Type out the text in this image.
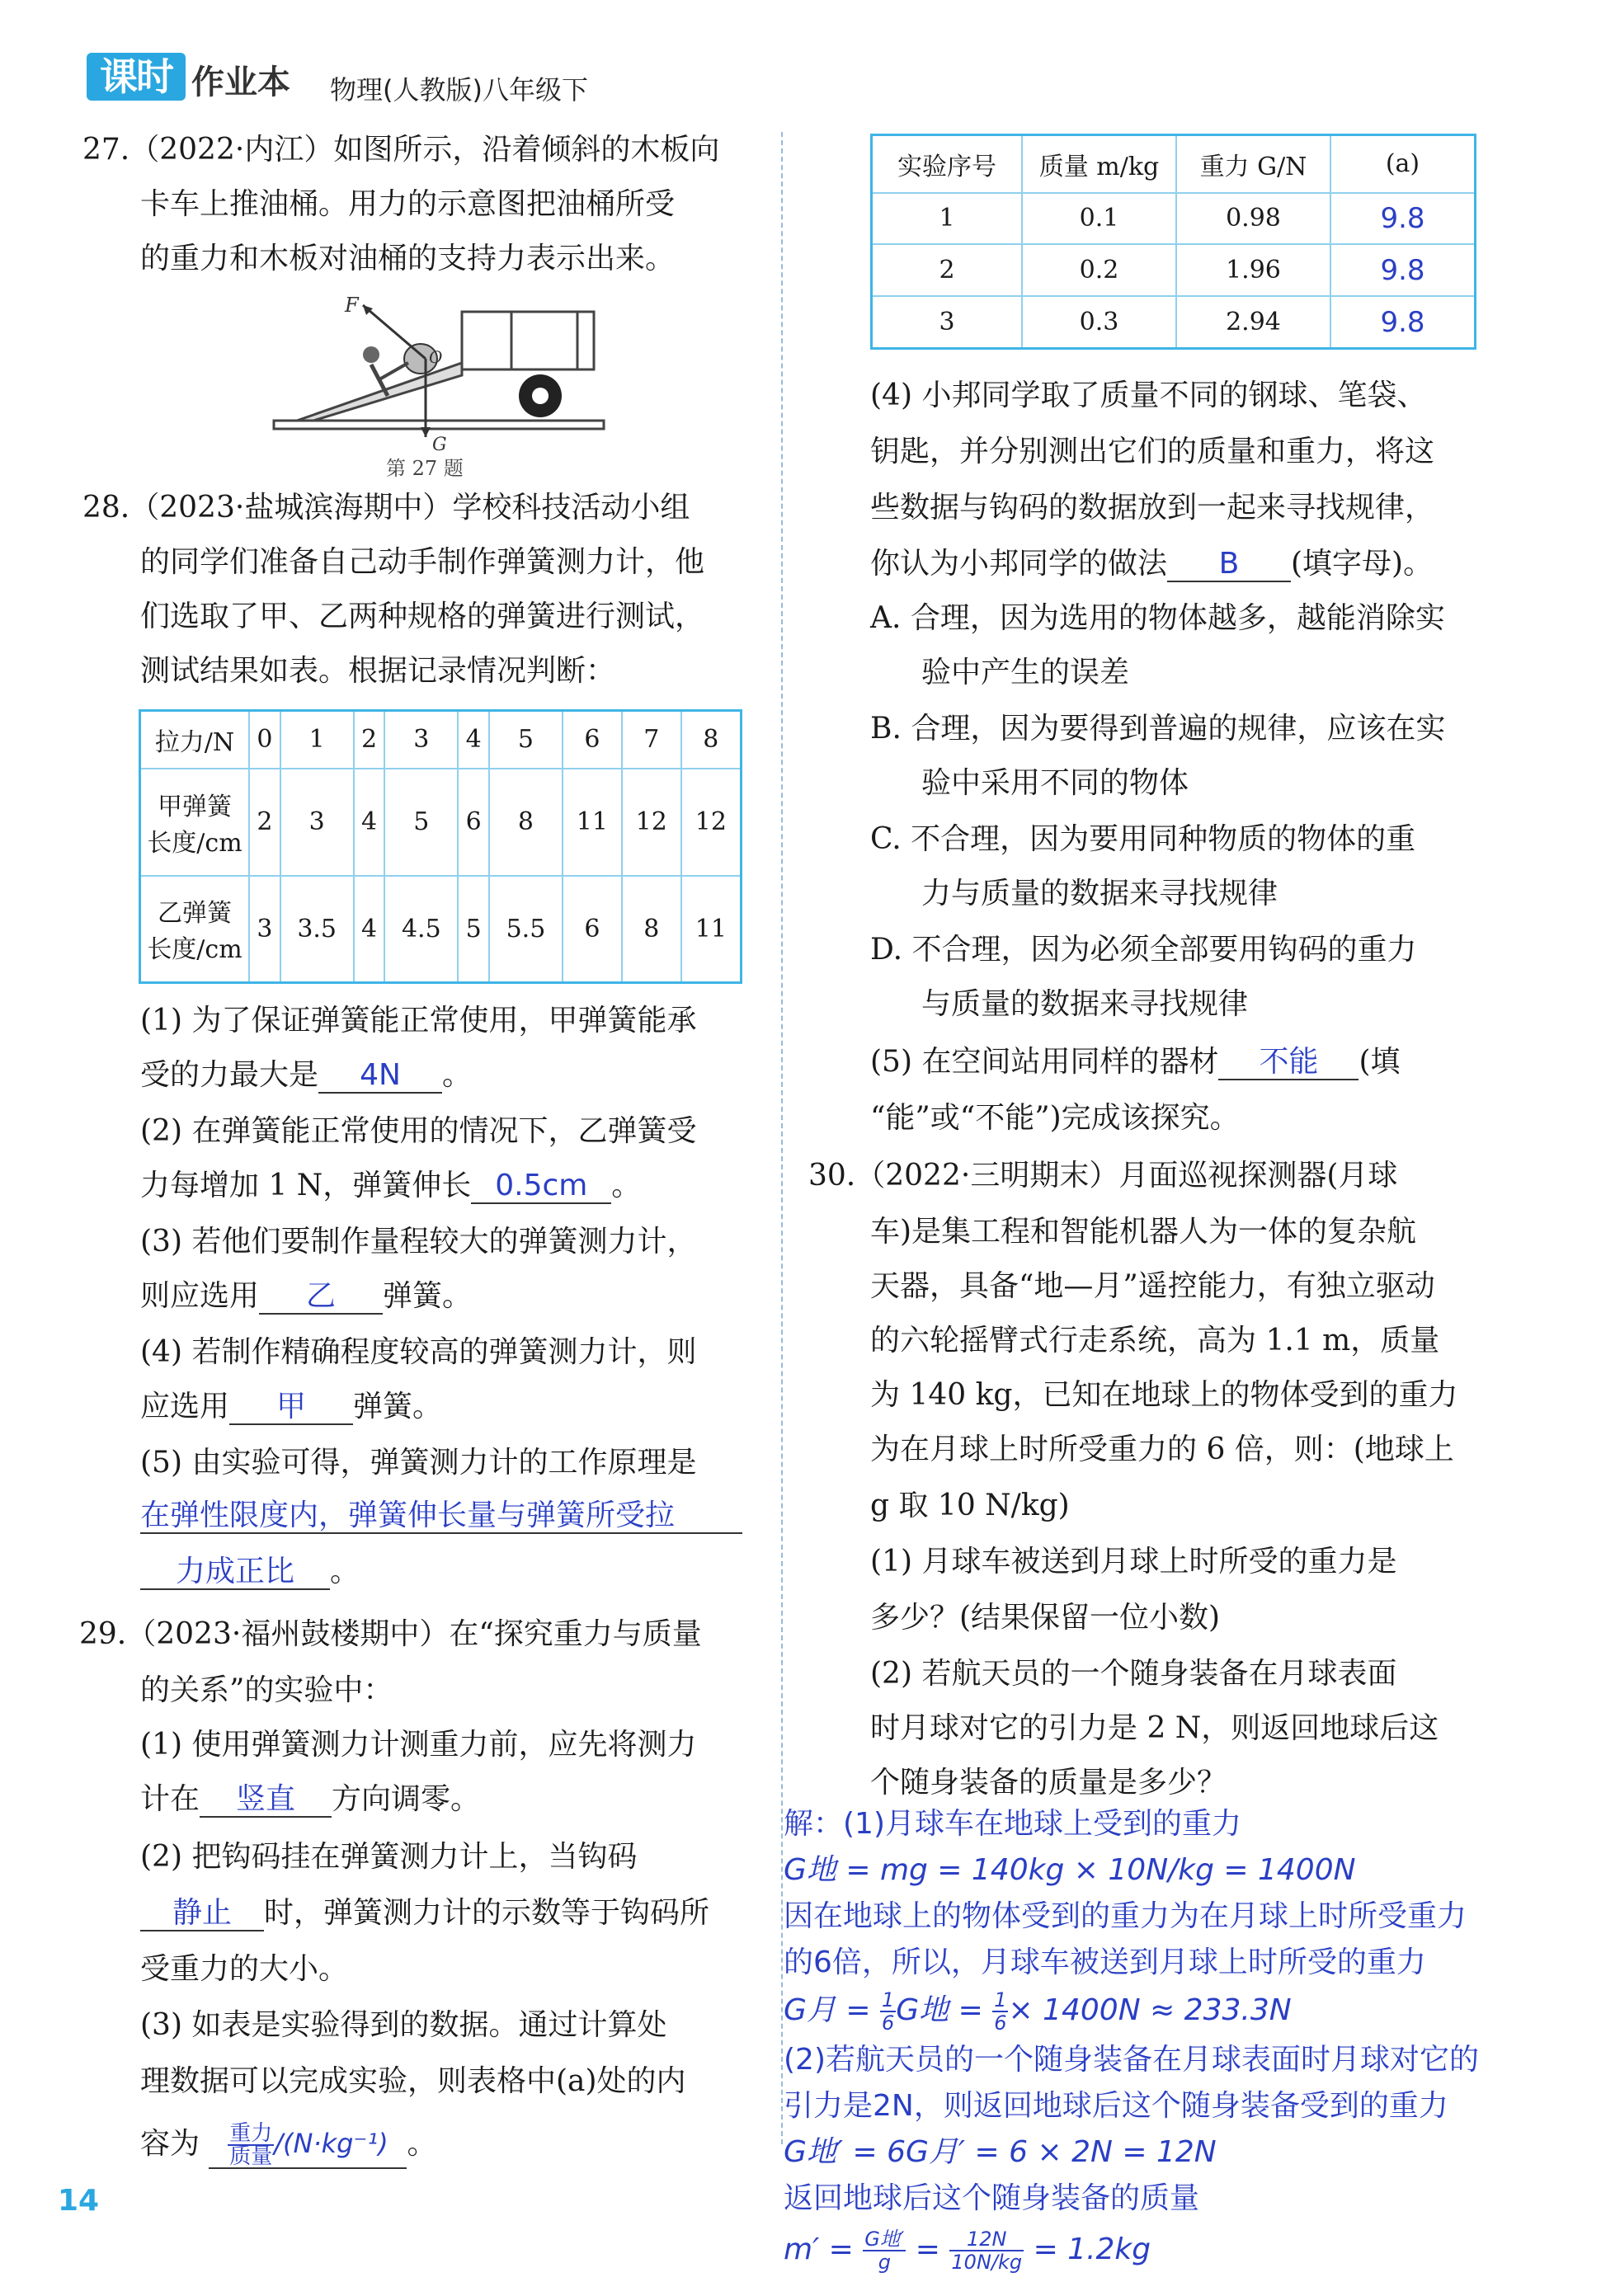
课时 作业本 物理(人教版)八年级下
27.（2022·内江）如图所示，沿着倾斜的木板向
卡车上推油桶。用力的示意图把油桶所受
的重力和木板对油桶的支持力表示出来。
F
O
G
第 27 题
28.（2023·盐城滨海期中）学校科技活动小组
的同学们准备自己动手制作弹簧测力计，他
们选取了甲、乙两种规格的弹簧进行测试，
测试结果如表。根据记录情况判断：
拉力/N	0	1	2	3	4	5	6	7	8

甲弹簧
长度/cm	2	3	4	5	6	8	11	12	12

乙弹簧
长度/cm	3	3.5	4	4.5	5	5.5	6	8	11
(1) 为了保证弹簧能正常使用，甲弹簧能承
受的力最大是 4N 。
(2) 在弹簧能正常使用的情况下，乙弹簧受
力每增加 1 N，弹簧伸长 0.5cm 。
(3) 若他们要制作量程较大的弹簧测力计，
则应选用 乙 弹簧。
(4) 若制作精确程度较高的弹簧测力计，则
应选用 甲 弹簧。
(5) 由实验可得，弹簧测力计的工作原理是
在弹性限度内，弹簧伸长量与弹簧所受拉
力成正比 。
29.（2023·福州鼓楼期中）在“探究重力与质量
的关系”的实验中：
(1) 使用弹簧测力计测重力前，应先将测力
计在 竖直 方向调零。
(2) 把钩码挂在弹簧测力计上，当钩码
静止 时，弹簧测力计的示数等于钩码所
受重力的大小。
(3) 如表是实验得到的数据。通过计算处
理数据可以完成实验，则表格中(a)处的内
容为 $\frac{\text{重力}}{\text{质量}} /(N\cdot kg^{-1})$ 。
实验序号	质量 m/kg	重力 G/N	(a)
1	0.1	0.98	9.8
2	0.2	1.96	9.8
3	0.3	2.94	9.8
(4) 小邦同学取了质量不同的钢球、笔袋、
钥匙，并分别测出它们的质量和重力，将这
些数据与钩码的数据放到一起来寻找规律，
你认为小邦同学的做法 B (填字母)。
A. 合理，因为选用的物体越多，越能消除实
验中产生的误差
B. 合理，因为要得到普遍的规律，应该在实
验中采用不同的物体
C. 不合理，因为要用同种物质的物体的重
力与质量的数据来寻找规律
D. 不合理，因为必须全部要用钩码的重力
与质量的数据来寻找规律
(5) 在空间站用同样的器材 不能 (填
“能”或“不能”)完成该探究。
30.（2022·三明期末）月面巡视探测器(月球
车)是集工程和智能机器人为一体的复杂航
天器，具备“地—月”遥控能力，有独立驱动
的六轮摇臂式行走系统，高为 1.1 m，质量
为 140 kg，已知在地球上的物体受到的重力
为在月球上时所受重力的 6 倍，则：(地球上
g 取 10 N/kg)
(1) 月球车被送到月球上时所受的重力是
多少？(结果保留一位小数)
(2) 若航天员的一个随身装备在月球表面
时月球对它的引力是 2 N，则返回地球后这
个随身装备的质量是多少？
解：(1)月球车在地球上受到的重力
G地 = mg = 140kg × 10N/kg = 1400N
因在地球上的物体受到的重力为在月球上时所受重力
的6倍，所以，月球车被送到月球上时所受的重力
G月 = $\frac{1}{6}$ G地 = $\frac{1}{6} \times 1400N \approx 233.3N$
(2)若航天员的一个随身装备在月球表面时月球对它的
引力是2N，则返回地球后这个随身装备受到的重力
G地′ = 6G月′ = 6 × 2N = 12N
返回地球后这个随身装备的质量
$m' = \frac{\text{G地′}}{g} = \frac{12N}{10N/kg} = 1.2kg$
14
